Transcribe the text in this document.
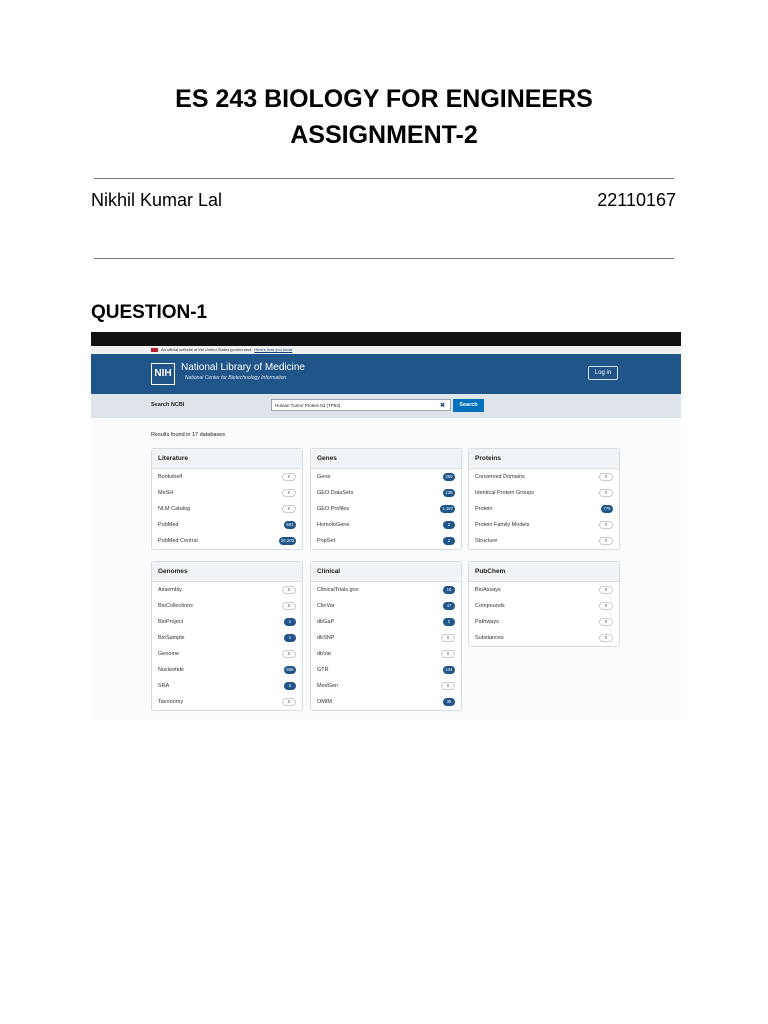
ES 243 BIOLOGY FOR ENGINEERS
ASSIGNMENT-2
Nikhil Kumar Lal	22110167
QUESTION-1
An official website of the United States government Here's how you know
NIH
National Library of Medicine
National Center for Biotechnology Information
Log in
Search NCBI	Human Tumor Protein 53 (TP53)	✖	Search
Results found in 17 databases
Literature
Bookshelf	0
MeSH	0
NLM Catalog	0
PubMed	691
PubMed Central	26,203
Genes
Gene	350
GEO DataSets	138
GEO Profiles	1,167
HomoloGene	2
PopSet	2
Proteins
Conserved Domains	0
Identical Protein Groups	0
Protein	775
Protein Family Models	0
Structure	0
Genomes
Assembly	0
BioCollections	0
BioProject	1
BioSample	1
Genome	0
Nucleotide	668
SRA	5
Taxonomy	0
Clinical
ClinicalTrials.gov	16
ClinVar	47
dbGaP	2
dbSNP	0
dbVar	0
GTR	134
MedGen	0
OMIM	35
PubChem
BioAssays	0
Compounds	0
Pathways	0
Substances	0
